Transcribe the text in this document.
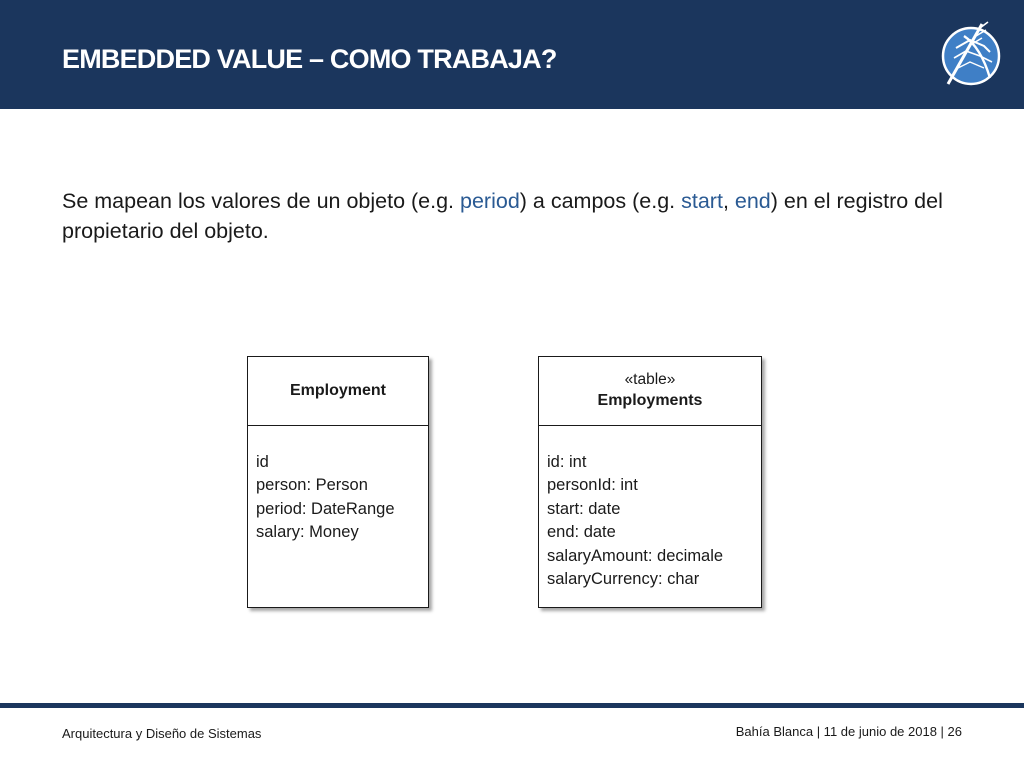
EMBEDDED VALUE – COMO TRABAJA?

Se mapean los valores de un objeto (e.g. period) a campos (e.g. start, end) en el registro del propietario del objeto.

Employment
id
person: Person
period: DateRange
salary: Money
«table»
Employments
id: int
personId: int
start: date
end: date
salaryAmount: decimale
salaryCurrency: char
Arquitectura y Diseño de Sistemas	Bahía Blanca | 11 de junio de 2018 | 26
